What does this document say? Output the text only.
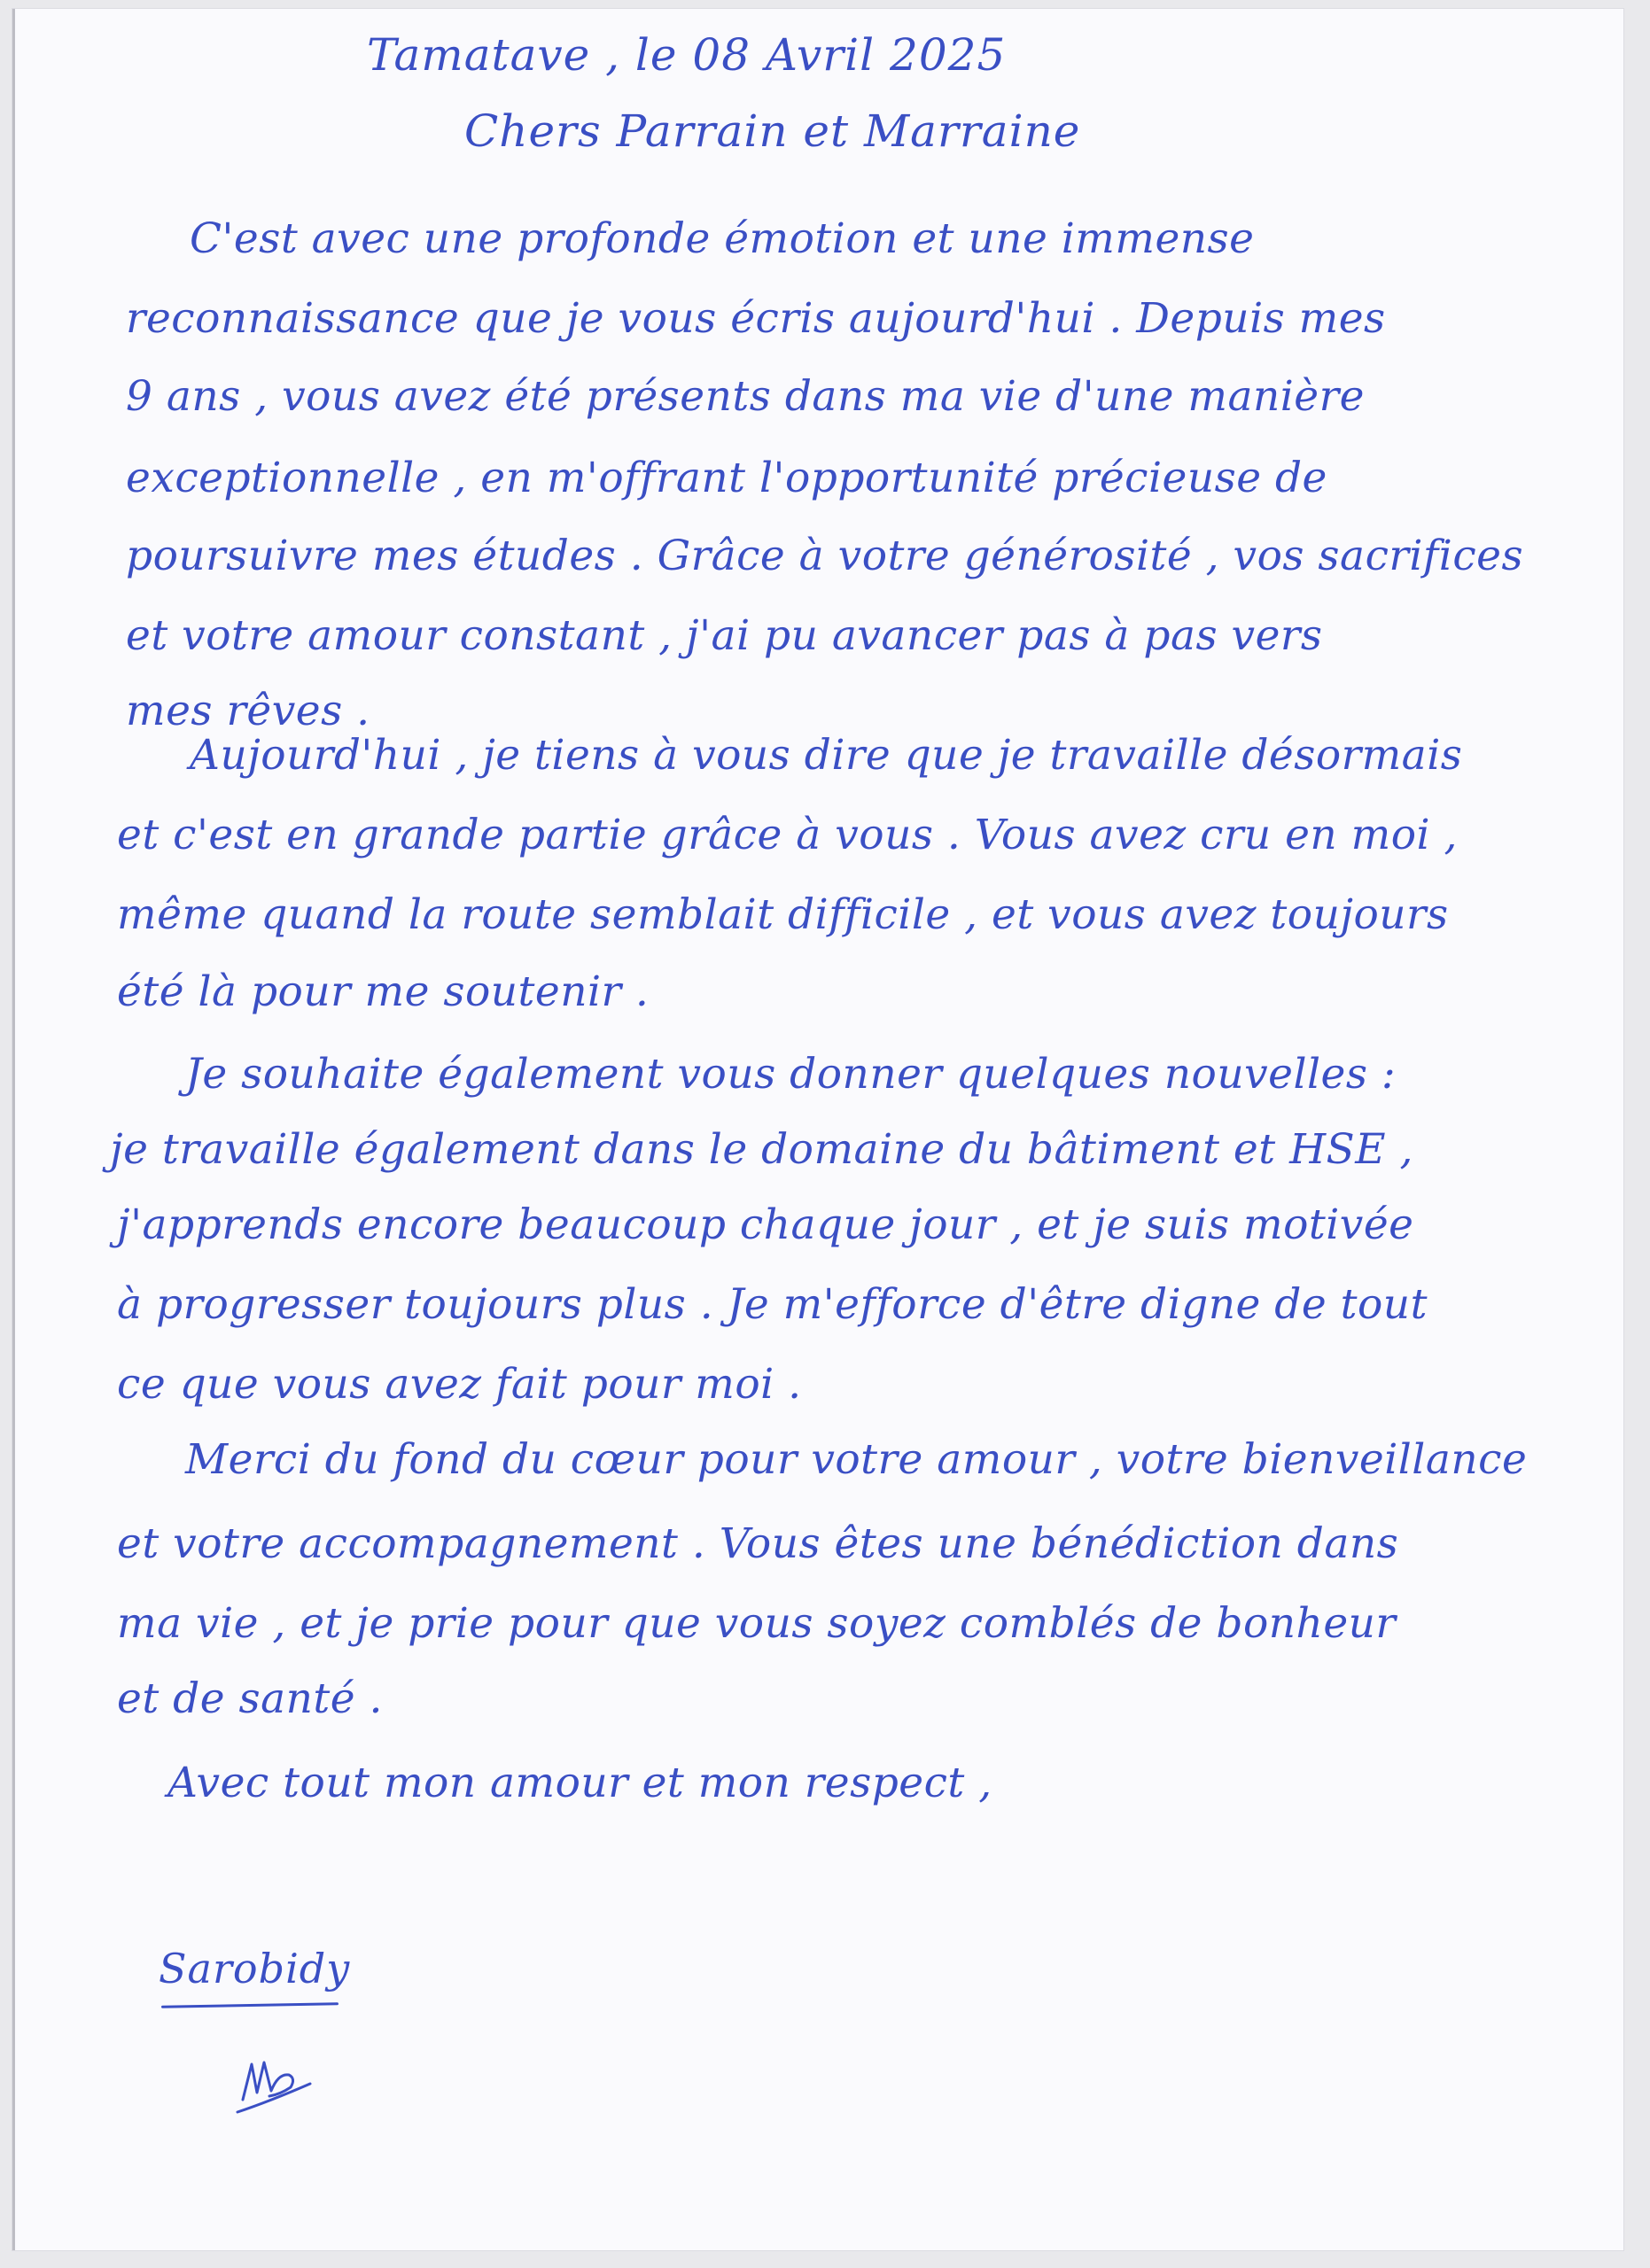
Tamatave , le 08 Avril 2025
Chers Parrain et Marraine
C'est avec une profonde émotion et une immense
reconnaissance que je vous écris aujourd'hui . Depuis mes
9 ans , vous avez été présents dans ma vie d'une manière
exceptionnelle , en m'offrant l'opportunité précieuse de
poursuivre mes études . Grâce à votre générosité , vos sacrifices
et votre amour constant , j'ai pu avancer pas à pas vers
mes rêves .
Aujourd'hui , je tiens à vous dire que je travaille désormais
et c'est en grande partie grâce à vous . Vous avez cru en moi ,
même quand la route semblait difficile , et vous avez toujours
été là pour me soutenir .
Je souhaite également vous donner quelques nouvelles :
je travaille également dans le domaine du bâtiment et HSE ,
j'apprends encore beaucoup chaque jour , et je suis motivée
à progresser toujours plus . Je m'efforce d'être digne de tout
ce que vous avez fait pour moi .
Merci du fond du cœur pour votre amour , votre bienveillance
et votre accompagnement . Vous êtes une bénédiction dans
ma vie , et je prie pour que vous soyez comblés de bonheur
et de santé .
Avec tout mon amour et mon respect ,
Sarobidy
